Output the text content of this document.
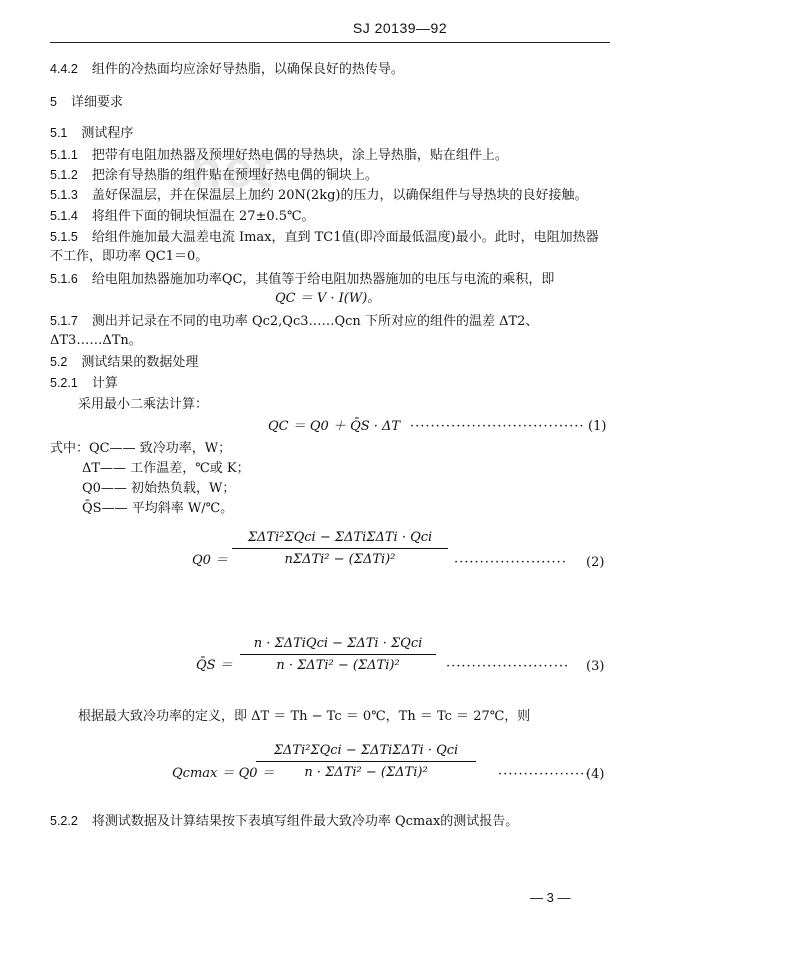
net
SJ 20139—92
4.4.2 组件的冷热面均应涂好导热脂，以确保良好的热传导。
5 详细要求
5.1 测试程序
5.1.1 把带有电阻加热器及预埋好热电偶的导热块，涂上导热脂，贴在组件上。
5.1.2 把涂有导热脂的组件贴在预埋好热电偶的铜块上。
5.1.3 盖好保温层，并在保温层上加约 20N(2kg)的压力，以确保组件与导热块的良好接触。
5.1.4 将组件下面的铜块恒温在 27±0.5℃。
5.1.5 给组件施加最大温差电流 Imax，直到 TC1值(即冷面最低温度)最小。此时，电阻加热器
不工作，即功率 QC1＝0。
5.1.6 给电阻加热器施加功率QC，其值等于给电阻加热器施加的电压与电流的乘积，即
QC ＝ V · I(W)。
5.1.7 测出并记录在不同的电功率 Qc2,Qc3……Qcn 下所对应的组件的温差 ΔT2、
ΔT3……ΔTn。
5.2 测试结果的数据处理
5.2.1 计算
采用最小二乘法计算：
QC ＝ Q0 ＋ Q̄S · ΔT ·································· (1)
式中：QC—— 致冷功率，W；
ΔT—— 工作温差，℃或 K；
Q0—— 初始热负载，W；
Q̄S—— 平均斜率 W/℃。
Q0 ＝
ΣΔTi²ΣQci − ΣΔTiΣΔTi · Qci
nΣΔTi² − (ΣΔTi)²	······················ (2)
Q̄S ＝
n · ΣΔTiQci − ΣΔTi · ΣQci
n · ΣΔTi² − (ΣΔTi)²	························ (3)
根据最大致冷功率的定义，即 ΔT ＝ Th − Tc ＝ 0℃，Th ＝ Tc ＝ 27℃，则
Qcmax ＝ Q0 ＝
ΣΔTi²ΣQci − ΣΔTiΣΔTi · Qci
n · ΣΔTi² − (ΣΔTi)²	··················
(4)
5.2.2 将测试数据及计算结果按下表填写组件最大致冷功率 Qcmax的测试报告。
— 3 —
